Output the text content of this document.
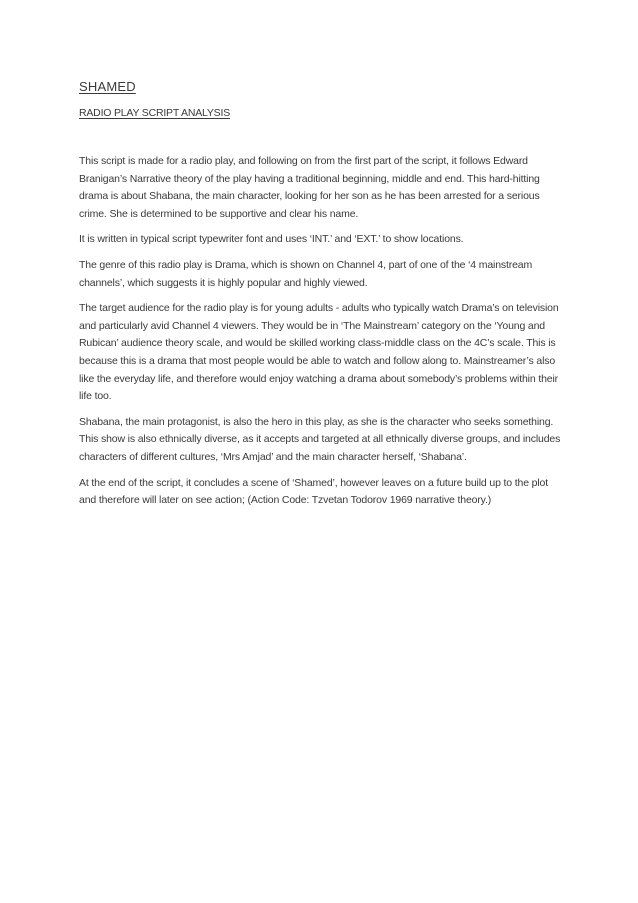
SHAMED
RADIO PLAY SCRIPT ANALYSIS

This script is made for a radio play, and following on from the first part of the script, it follows Edward Branigan’s Narrative theory of the play having a traditional beginning, middle and end. This hard-hitting drama is about Shabana, the main character, looking for her son as he has been arrested for a serious crime. She is determined to be supportive and clear his name.

It is written in typical script typewriter font and uses ‘INT.’ and ‘EXT.’ to show locations.

The genre of this radio play is Drama, which is shown on Channel 4, part of one of the ‘4 mainstream channels’, which suggests it is highly popular and highly viewed.

The target audience for the radio play is for young adults - adults who typically watch Drama’s on television and particularly avid Channel 4 viewers. They would be in ‘The Mainstream’ category on the ‘Young and Rubican’ audience theory scale, and would be skilled working class-middle class on the 4C’s scale. This is because this is a drama that most people would be able to watch and follow along to. Mainstreamer’s also like the everyday life, and therefore would enjoy watching a drama about somebody’s problems within their life too.

Shabana, the main protagonist, is also the hero in this play, as she is the character who seeks something. This show is also ethnically diverse, as it accepts and targeted at all ethnically diverse groups, and includes characters of different cultures, ‘Mrs Amjad’ and the main character herself, ‘Shabana’.

At the end of the script, it concludes a scene of ‘Shamed’, however leaves on a future build up to the plot and therefore will later on see action; (Action Code: Tzvetan Todorov 1969 narrative theory.)
